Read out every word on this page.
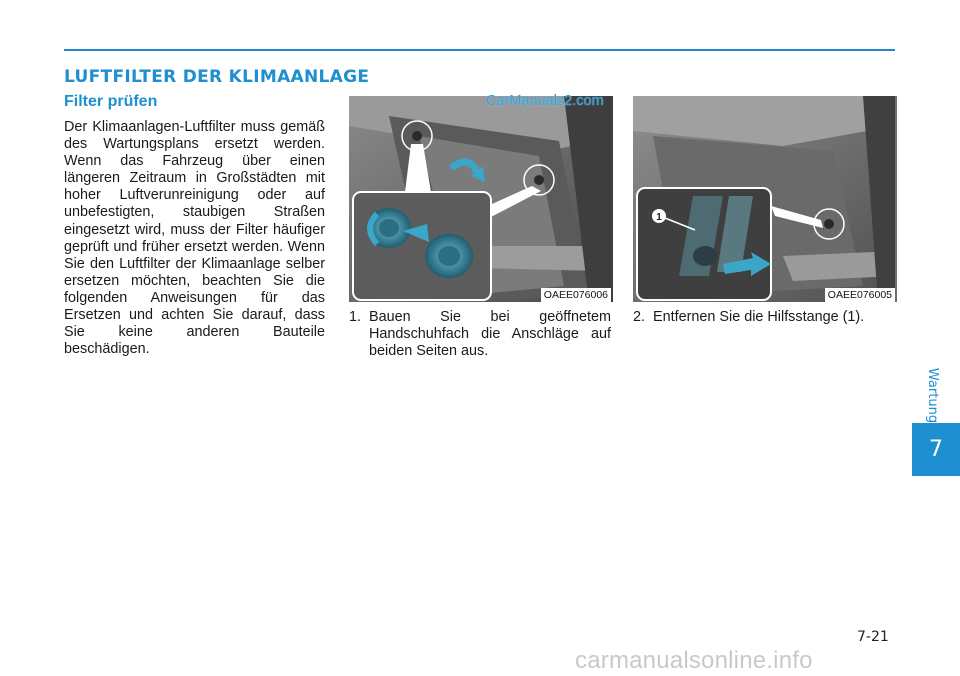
LUFTFILTER DER KLIMAANLAGE
Filter prüfen

Der Klimaanlagen-Luftfilter muss gemäß des Wartungsplans ersetzt werden. Wenn das Fahrzeug über einen längeren Zeitraum in Großstädten mit hoher Luftverunreinigung oder auf unbefestigten, staubigen Straßen eingesetzt wird, muss der Filter häufiger geprüft und früher ersetzt werden. Wenn Sie den Luftfilter der Klimaanlage selber ersetzen möchten, beachten Sie die folgenden Anweisungen für das Ersetzen und achten Sie darauf, dass Sie keine anderen Bauteile beschädigen.

CarManuals2.com
OAEE076006
1
OAEE076005
1. Bauen Sie bei geöffnetem Handschuhfach die Anschläge auf beiden Seiten aus.
2. Entfernen Sie die Hilfsstange (1).
Wartung
7
7-21
carmanualsonline.info
